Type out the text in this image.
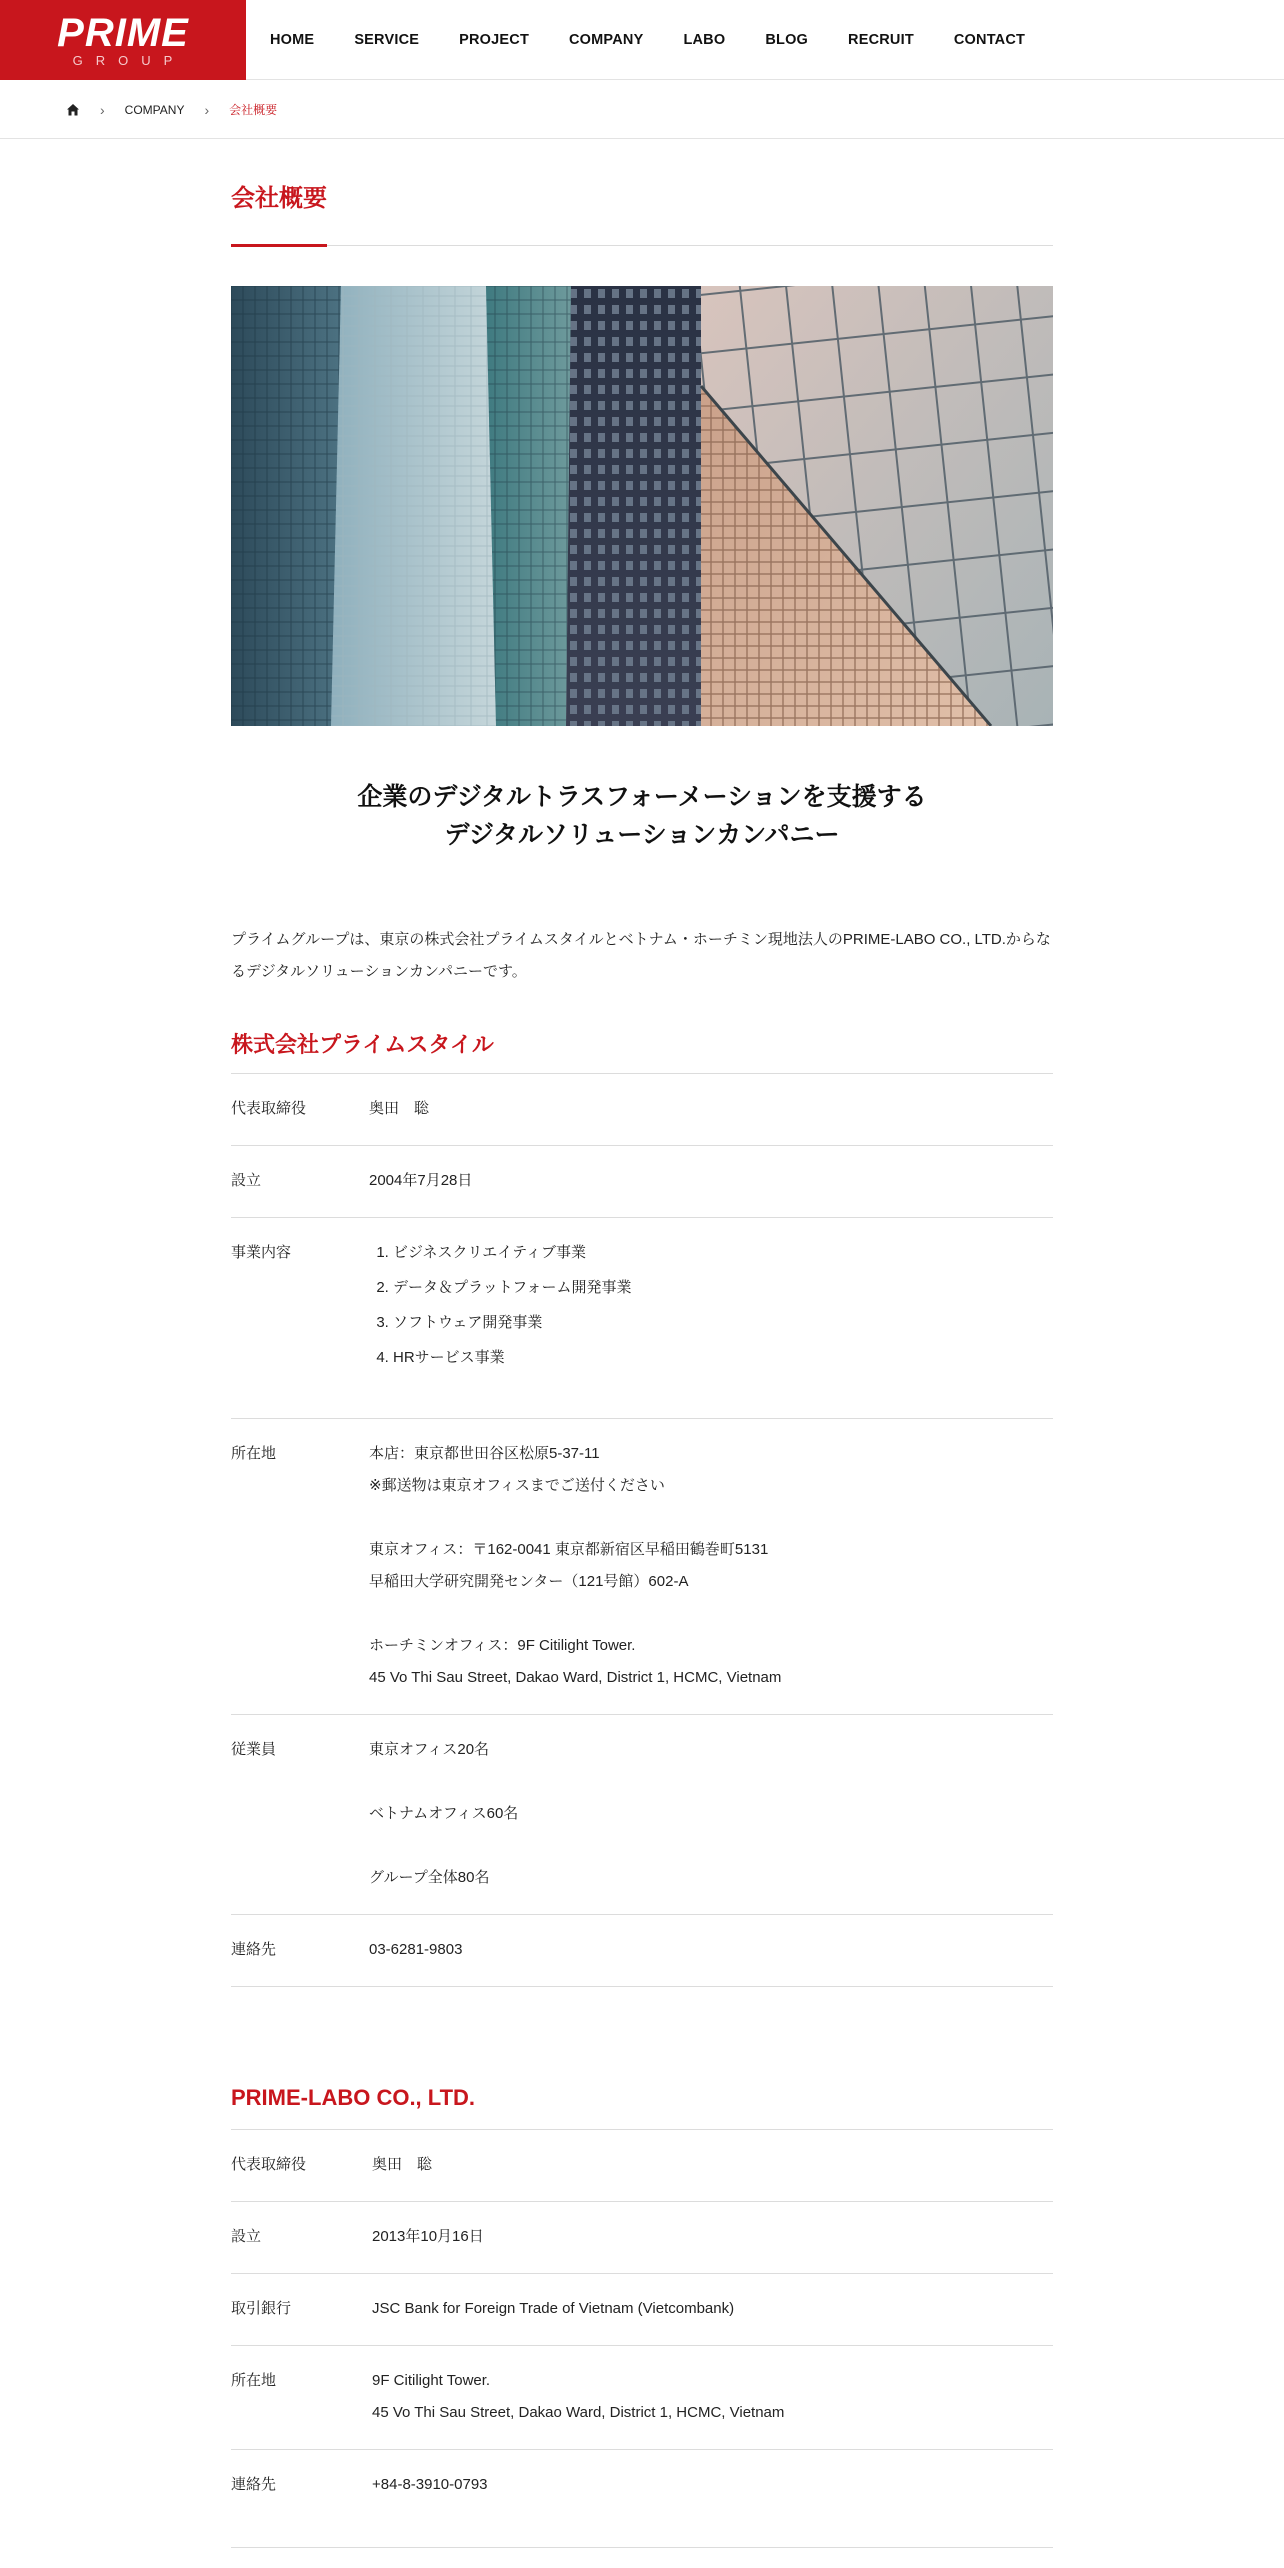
PRIME
GROUP
HOME	SERVICE	PROJECT	COMPANY	LABO	BLOG	RECRUIT	CONTACT
› COMPANY › 会社概要
会社概要
企業のデジタルトラスフォーメーションを支援する
デジタルソリューションカンパニー

プライムグループは、東京の株式会社プライムスタイルとベトナム・ホーチミン現地法人のPRIME-LABO CO., LTD.からなるデジタルソリューションカンパニーです。

株式会社プライムスタイル
代表取締役	奥田　聡
設立	2004年7月28日
事業内容
1.	ビジネスクリエイティブ事業
2. データ＆プラットフォーム開発事業
3. ソフトウェア開発事業
4. HRサービス事業
所在地	本店：東京都世田谷区松原5-37-11
※郵送物は東京オフィスまでご送付ください
東京オフィス：〒162-0041 東京都新宿区早稲田鶴巻町5131
早稲田大学研究開発センター（121号館）602-A
ホーチミンオフィス：9F Citilight Tower.
45 Vo Thi Sau Street, Dakao Ward, District 1, HCMC, Vietnam
従業員	東京オフィス20名
ベトナムオフィス60名
グループ全体80名
連絡先	03-6281-9803
PRIME-LABO CO., LTD.
代表取締役	奥田　聡
設立	2013年10月16日
取引銀行	JSC Bank for Foreign Trade of Vietnam (Vietcombank)
所在地	9F Citilight Tower.
45 Vo Thi Sau Street, Dakao Ward, District 1, HCMC, Vietnam
連絡先	+84-8-3910-0793
